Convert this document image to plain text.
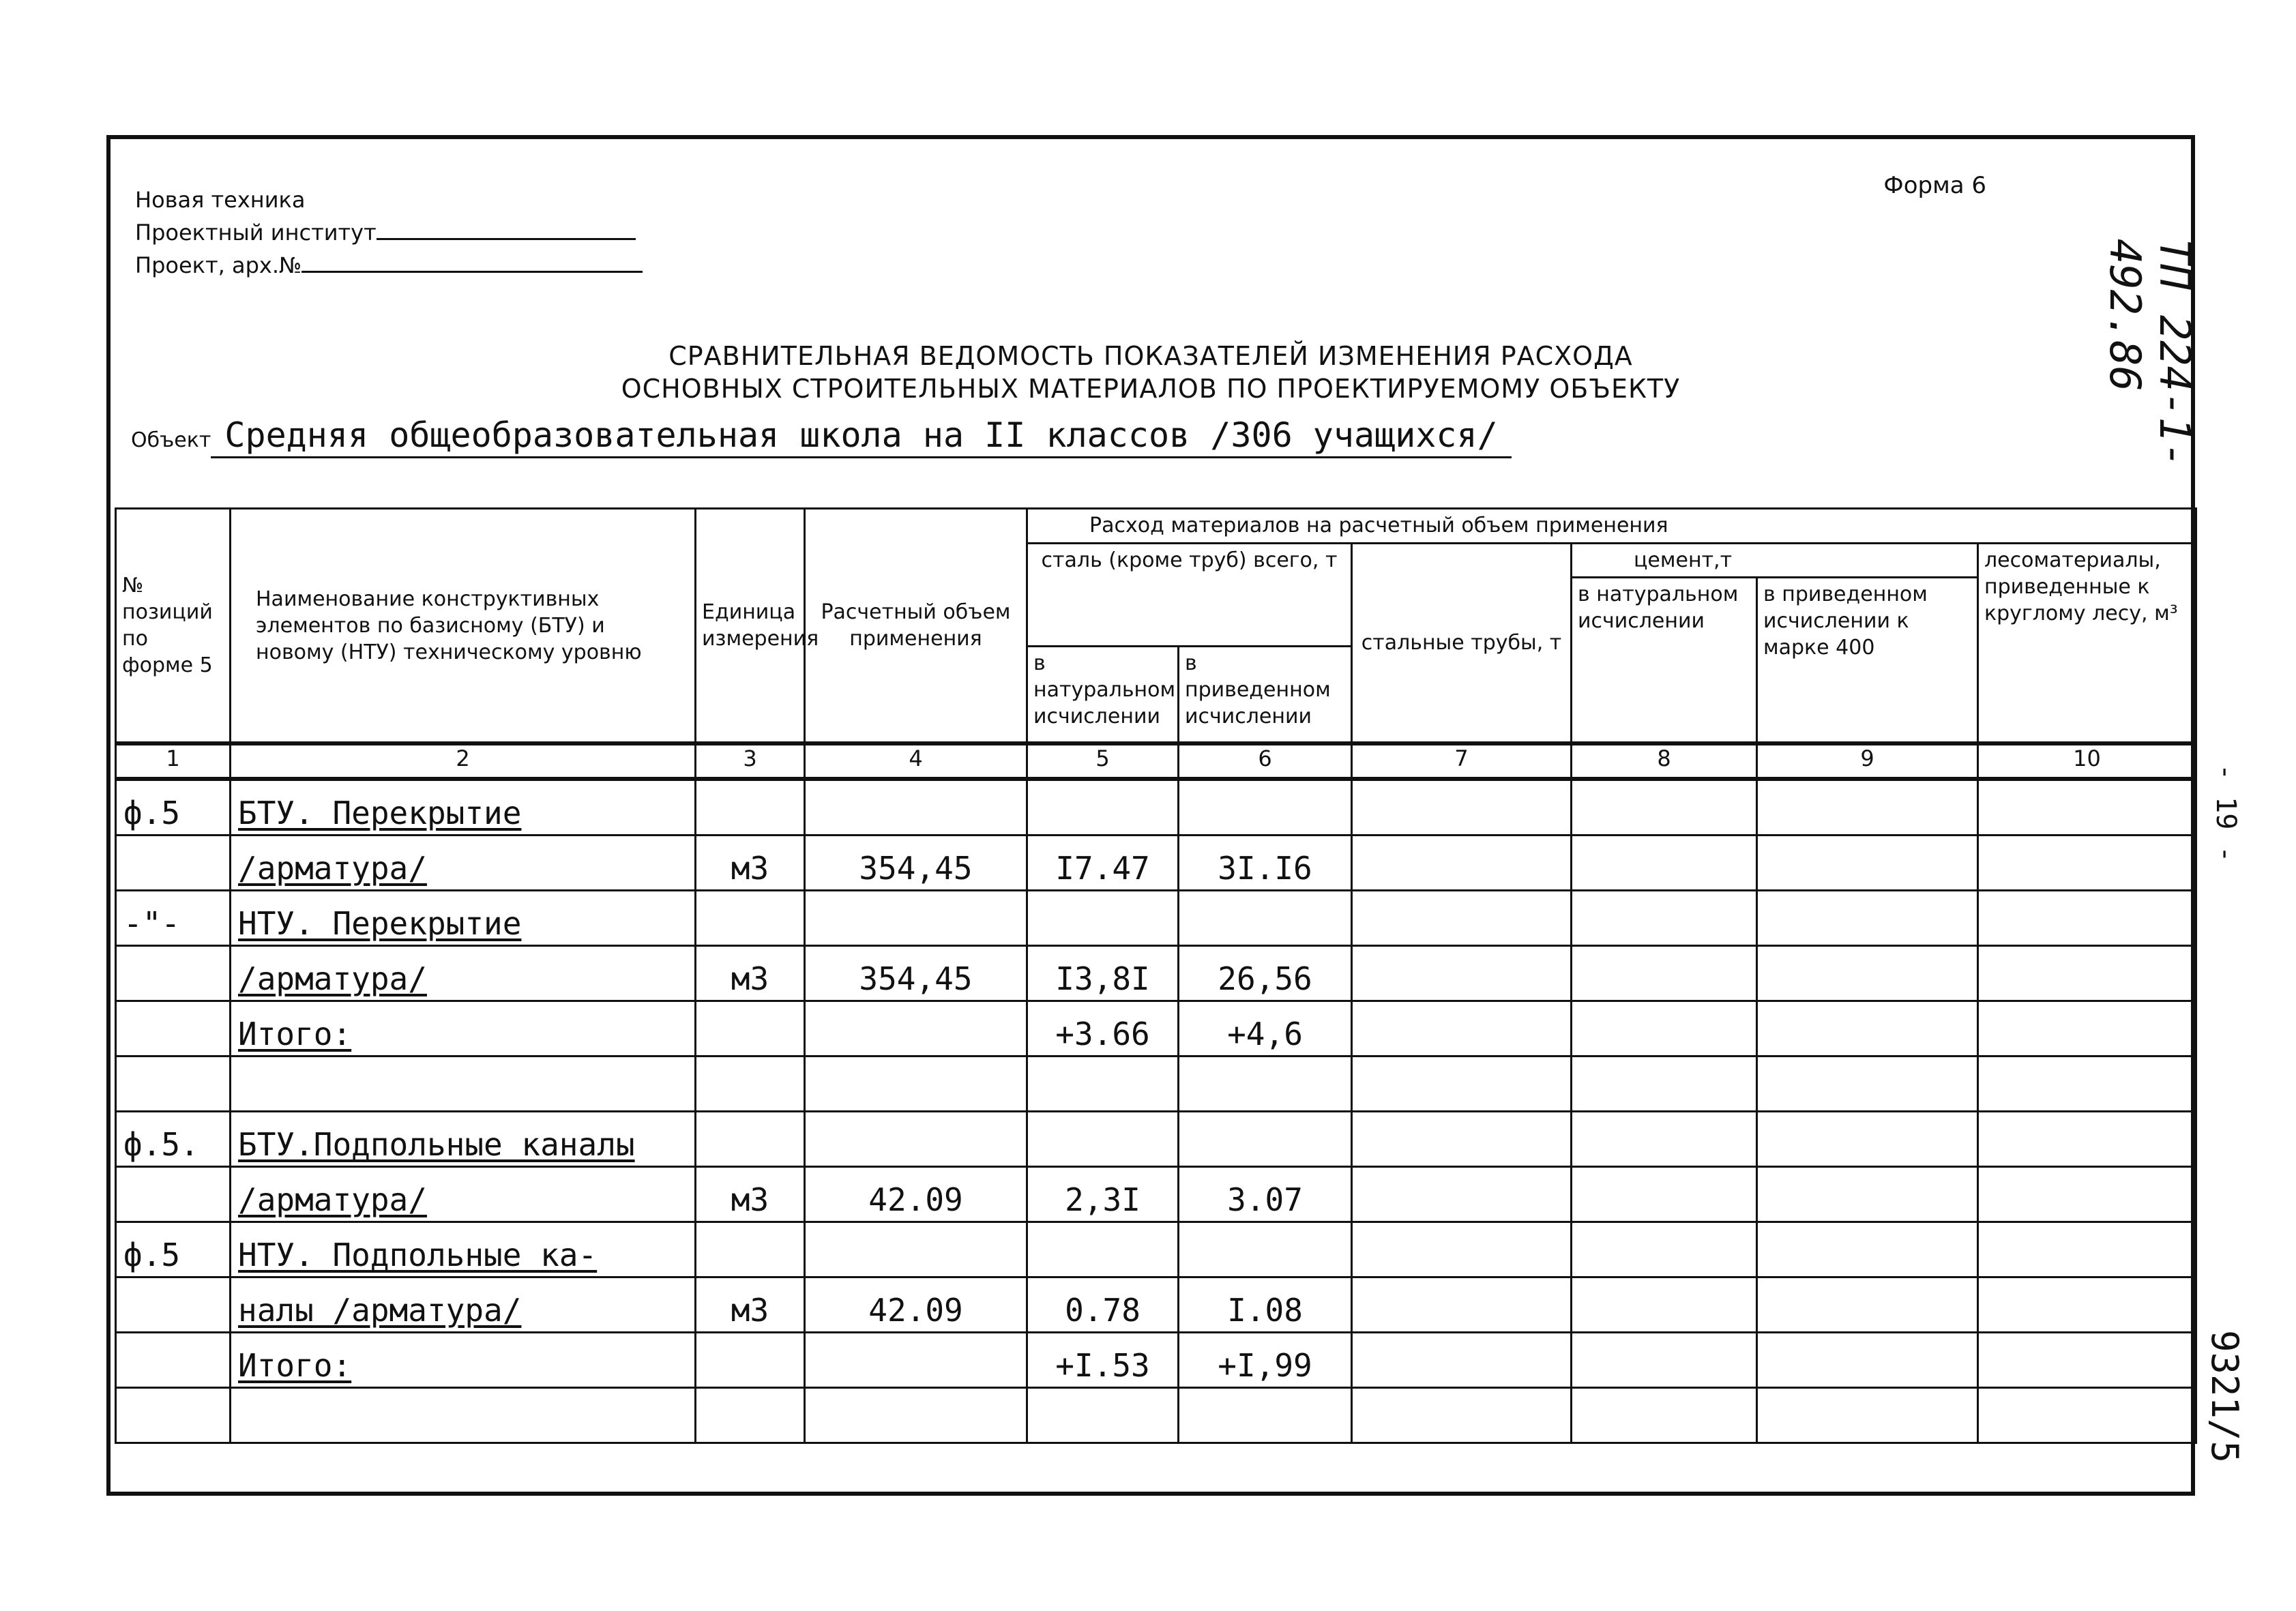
Новая техника
Проектный институт
Проект, арх.№
Форма 6
СРАВНИТЕЛЬНАЯ ВЕДОМОСТЬ ПОКАЗАТЕЛЕЙ ИЗМЕНЕНИЯ РАСХОДА
ОСНОВНЫХ СТРОИТЕЛЬНЫХ МАТЕРИАЛОВ ПО ПРОЕКТИРУЕМОМУ ОБЪЕКТУ
Объект Средняя общеобразовательная школа на II классов /306 учащихся/
№ позиций по форме 5	Наименование конструктивных элементов по базисному (БТУ) и новому (НТУ) техническому уровню	Единица измерения	Расчетный объем применения	Расход материалов на расчетный объем применения					
				сталь (кроме труб) всего, т		стальные трубы, т	цемент,т		лесоматериалы, приведенные к круглому лесу, м³
							в натуральном исчислении	в приведенном исчислении к марке 400	
				в натуральном исчислении	в приведенном исчислении				
1	2	3	4	5	6	7	8	9	10
ф.5	БТУ. Перекрытие								
	/арматура/	м3	354,45	I7.47	3I.I6				
-"-	НТУ. Перекрытие								
	/арматура/	м3	354,45	I3,8I	26,56				
	Итого:			+3.66	+4,6				

ф.5.	БТУ.Подпольные каналы								
	/арматура/	м3	42.09	2,3I	3.07				
ф.5	НТУ. Подпольные ка-								
	налы /арматура/	м3	42.09	0.78	I.08				
	Итого:			+I.53	+I,99				

ТП 224-1-492.86
- 19 -
9321/5
